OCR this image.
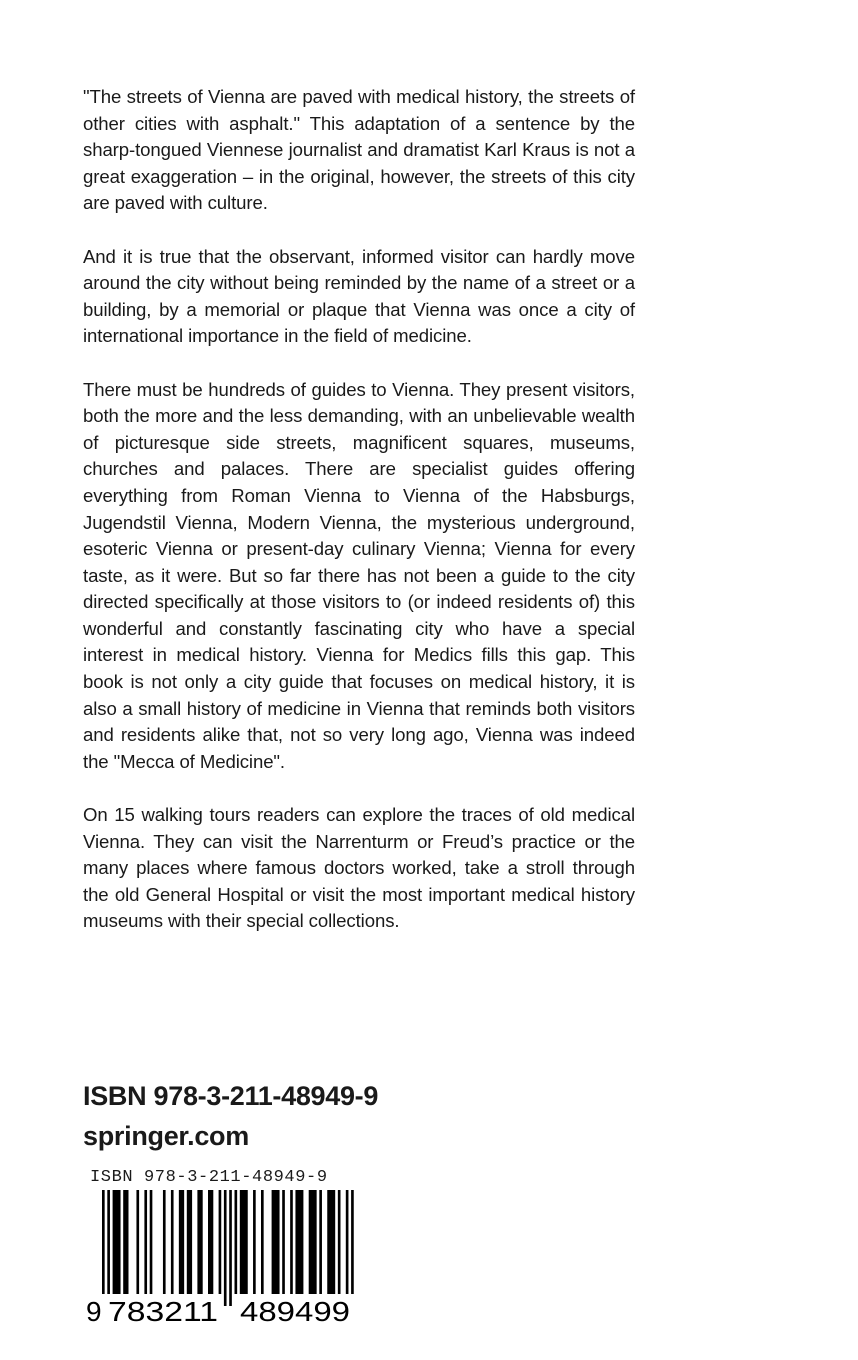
"The streets of Vienna are paved with medical history, the streets of other cities with asphalt." This adaptation of a sentence by the sharp-tongued Viennese journalist and dramatist Karl Kraus is not a great exaggeration – in the original, however, the streets of this city are paved with culture.

And it is true that the observant, informed visitor can hardly move around the city without being reminded by the name of a street or a building, by a memorial or plaque that Vienna was once a city of international importance in the field of medicine.

There must be hundreds of guides to Vienna. They present visitors, both the more and the less demanding, with an unbelievable wealth of picturesque side streets, magnificent squares, museums, churches and palaces. There are specialist guides offering everything from Roman Vienna to Vienna of the Habsburgs, Jugendstil Vienna, Modern Vienna, the mysterious underground, esoteric Vienna or present-day culinary Vienna; Vienna for every taste, as it were. But so far there has not been a guide to the city directed specifically at those visitors to (or indeed residents of) this wonderful and constantly fascinating city who have a special interest in medical history. Vienna for Medics fills this gap. This book is not only a city guide that focuses on medical history, it is also a small history of medicine in Vienna that reminds both visitors and residents alike that, not so very long ago, Vienna was indeed the "Mecca of Medicine".

On 15 walking tours readers can explore the traces of old medical Vienna. They can visit the Narrenturm or Freud’s practice or the many places where famous doctors worked, take a stroll through the old General Hospital or visit the most important medical history museums with their special collections.

ISBN 978-3-211-48949-9

springer.com

ISBN 978-3-211-48949-9
9 783211 489499
